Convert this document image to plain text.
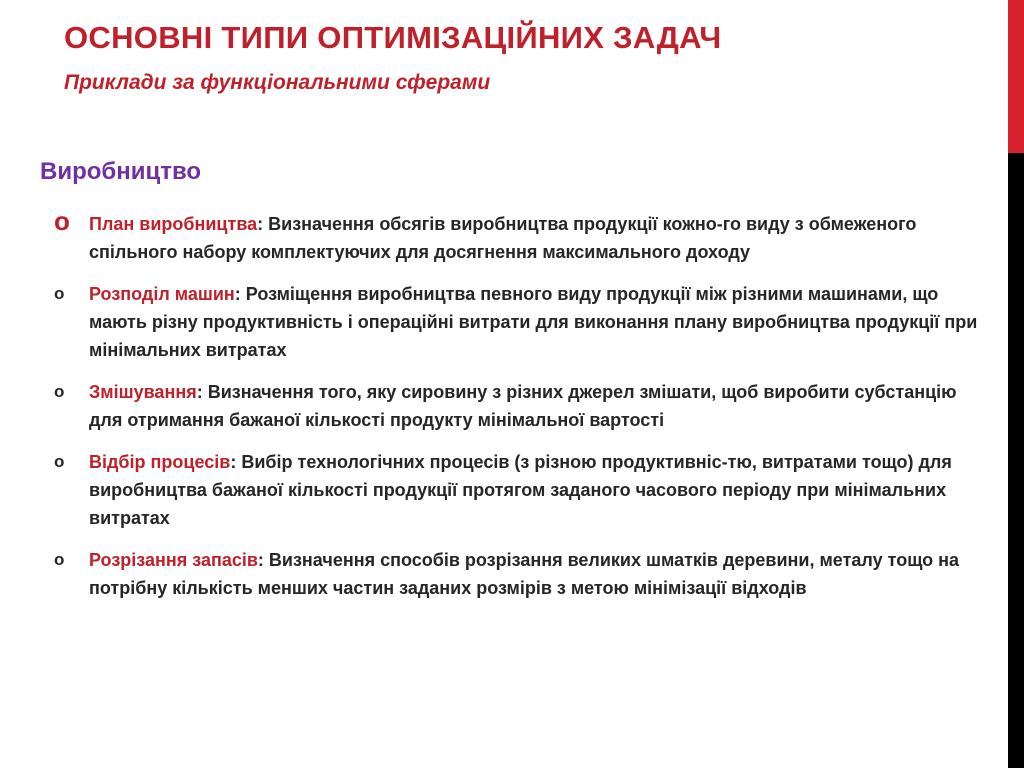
ОСНОВНІ ТИПИ ОПТИМІЗАЦІЙНИХ ЗАДАЧ
Приклади за функціональними сферами
Виробництво
o План виробництва: Визначення обсягів виробництва продукції кожно-го виду з обмеженого спільного набору комплектуючих для досягнення максимального доходу
o Розподіл машин: Розміщення виробництва певного виду продукції між різними машинами, що мають різну продуктивність і операційні витрати для виконання плану виробництва продукції при мінімальних витратах
o Змішування: Визначення того, яку сировину з різних джерел змішати, щоб виробити субстанцію для отримання бажаної кількості продукту мінімальної вартості
o Відбір процесів: Вибір технологічних процесів (з різною продуктивніс-тю, витратами тощо) для виробництва бажаної кількості продукції протягом заданого часового періоду при мінімальних витратах
o Розрізання запасів: Визначення способів розрізання великих шматків деревини, металу тощо на потрібну кількість менших частин заданих розмірів з метою мінімізації відходів
